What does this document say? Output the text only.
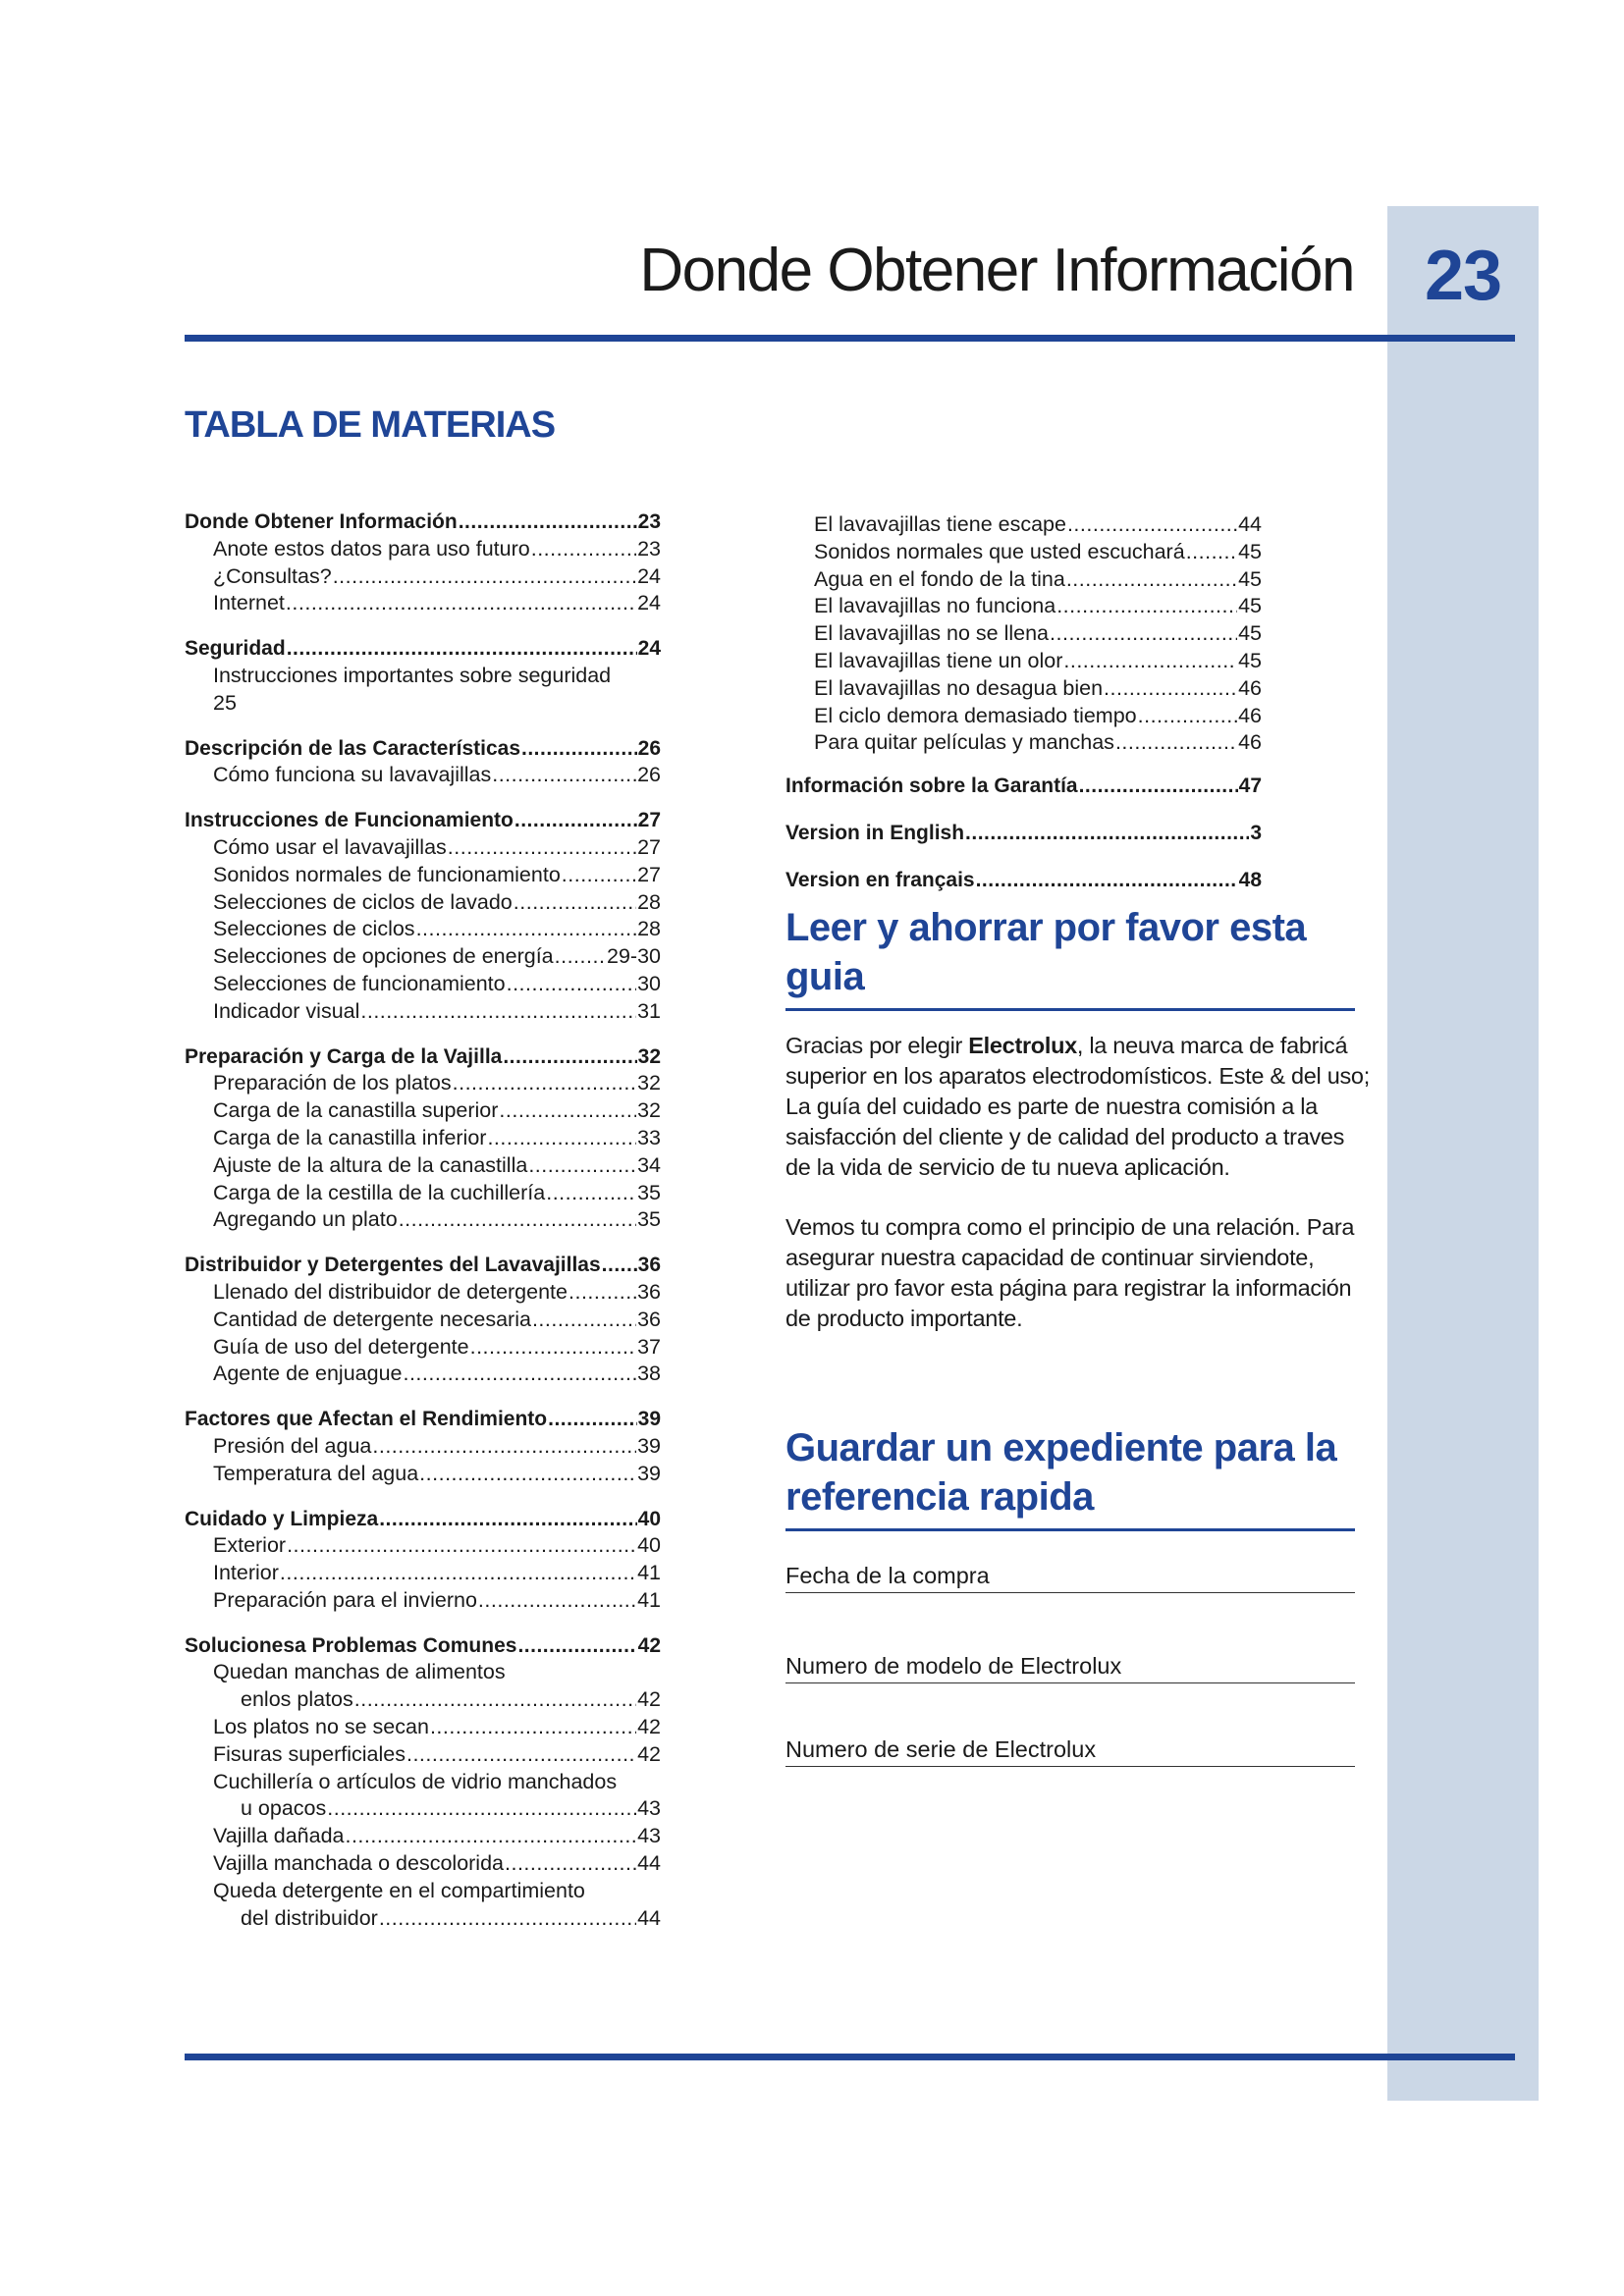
23
Donde Obtener Información
TABLA DE MATERIAS
Donde Obtener Información .....	23
Anote estos datos para uso futuro .....	23
¿Consultas? .....	24
Internet .....	24
Seguridad .....	24
Instrucciones importantes sobre seguridad
25
Descripción de las Características .....	26
Cómo funciona su lavavajillas .....	26
Instrucciones de Funcionamiento .....	27
Cómo usar el lavavajillas .....	27
Sonidos normales de funcionamiento .....	27
Selecciones de ciclos de lavado .....	28
Selecciones de ciclos .....	28
Selecciones de opciones de energía .....	29-30
Selecciones de funcionamiento .....	30
Indicador visual .....	31
Preparación y Carga de la Vajilla .....	32
Preparación de los platos .....	32
Carga de la canastilla superior .....	32
Carga de la canastilla inferior .....	33
Ajuste de la altura de la canastilla .....	34
Carga de la cestilla de la cuchillería .....	35
Agregando un plato .....	35
Distribuidor y Detergentes del Lavavajillas ..... 36
Llenado del distribuidor de detergente .....	36
Cantidad de detergente necesaria .....	36
Guía de uso del detergente .....	37
Agente de enjuague .....	38
Factores que Afectan el Rendimiento .....	39
Presión del agua .....	39
Temperatura del agua .....	39
Cuidado y Limpieza .....	40
Exterior .....	40
Interior .....	41
Preparación para el invierno .....	41
Solucionesa Problemas Comunes .....	42
Quedan manchas de alimentos
enlos platos .....	42
Los platos no se secan .....	42
Fisuras superficiales .....	42
Cuchillería o artículos de vidrio manchados
u opacos .....	43
Vajilla dañada .....	43
Vajilla manchada o descolorida .....	44
Queda detergente en el compartimiento
del distribuidor .....	44
El lavavajillas tiene escape .....	44
Sonidos normales que usted escuchará .....	45
Agua en el fondo de la tina .....	45
El lavavajillas no funciona .....	45
El lavavajillas no se llena .....	45
El lavavajillas tiene un olor .....	45
El lavavajillas no desagua bien .....	46
El ciclo demora demasiado tiempo .....	46
Para quitar películas y manchas .....	46
Información sobre la Garantía .....	47
Version in English .....	3
Version en français .....	48
Leer y ahorrar por favor esta guia

Gracias por elegir Electrolux, la neuva marca de fabricá superior en los aparatos electrodomísticos. Este & del uso; La guía del cuidado es parte de nuestra comisión a la saisfacción del cliente y de calidad del producto a traves de la vida de servicio de tu nueva aplicación.

Vemos tu compra como el principio de una relación. Para asegurar nuestra capacidad de continuar sirviendote, utilizar pro favor esta página para registrar la información de producto importante.

Guardar un expediente para la referencia rapida
Fecha de la compra
Numero de modelo de Electrolux
Numero de serie de Electrolux
